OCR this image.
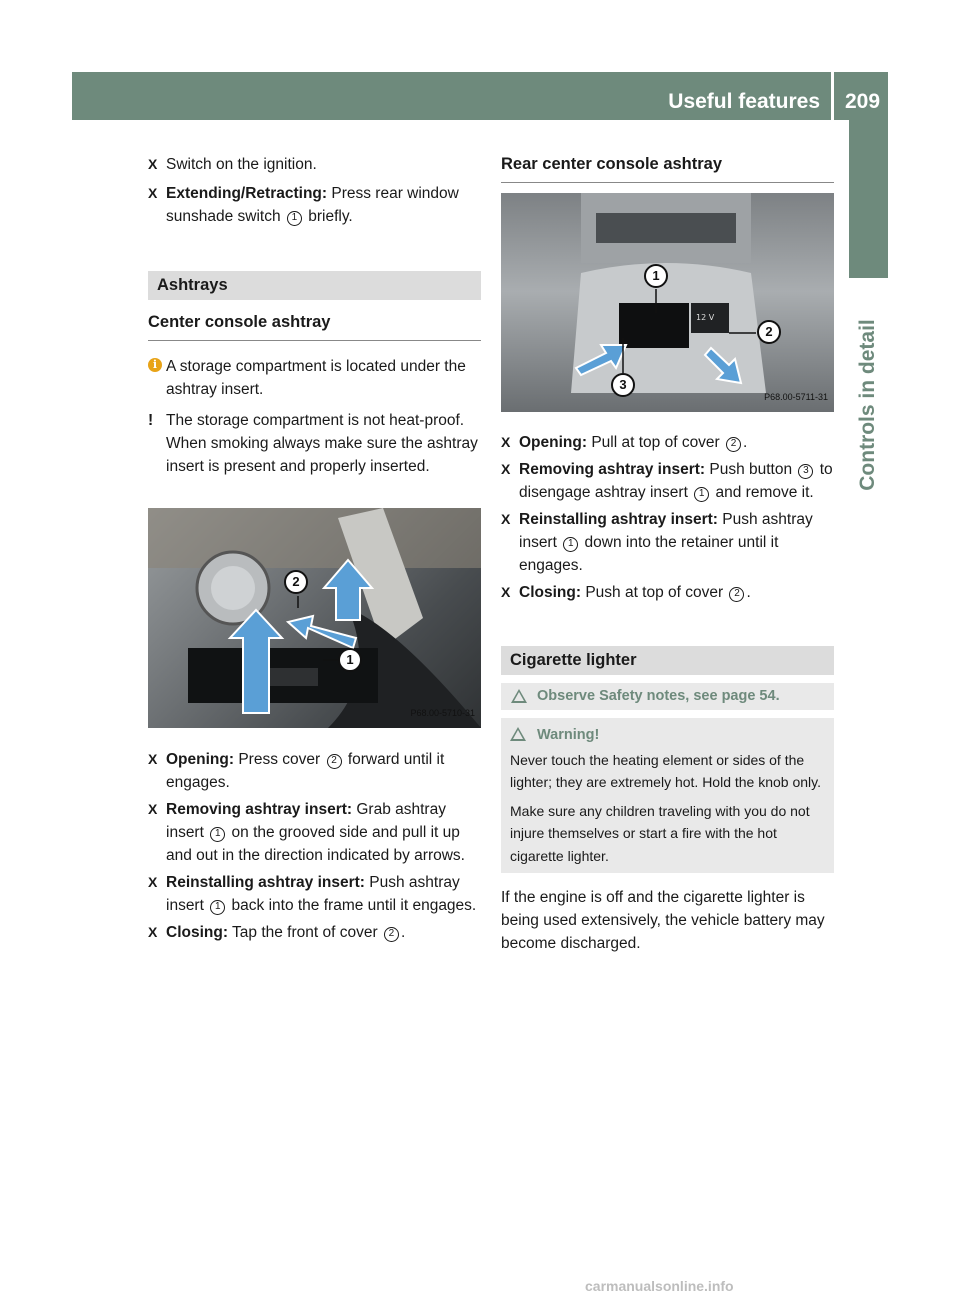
Useful features 209
Controls in detail
X Switch on the ignition.
X Extending/Retracting: Press rear window sunshade switch 1 briefly.
Ashtrays
Center console ashtray
i A storage compartment is located under the ashtray insert.
! The storage compartment is not heat-proof. When smoking always make sure the ashtray insert is present and properly inserted.
2
1
P68.00-5710-31
X Opening: Press cover 2 forward until it engages.
X Removing ashtray insert: Grab ashtray insert 1 on the grooved side and pull it up and out in the direction indicated by arrows.
X Reinstalling ashtray insert: Push ashtray insert 1 back into the frame until it engages.
X Closing: Tap the front of cover 2 .
Rear center console ashtray
12 V
1
2
3
P68.00-5711-31
X Opening: Pull at top of cover 2 .
X Removing ashtray insert: Push button 3 to disengage ashtray insert 1 and remove it.
X Reinstalling ashtray insert: Push ashtray insert 1 down into the retainer until it engages.
X Closing: Push at top of cover 2 .
Cigarette lighter
Observe Safety notes, see page 54.
Warning!

Never touch the heating element or sides of the lighter; they are extremely hot. Hold the knob only.

Make sure any children traveling with you do not injure themselves or start a fire with the hot cigarette lighter.

If the engine is off and the cigarette lighter is being used extensively, the vehicle battery may become discharged.

carmanualsonline.info
